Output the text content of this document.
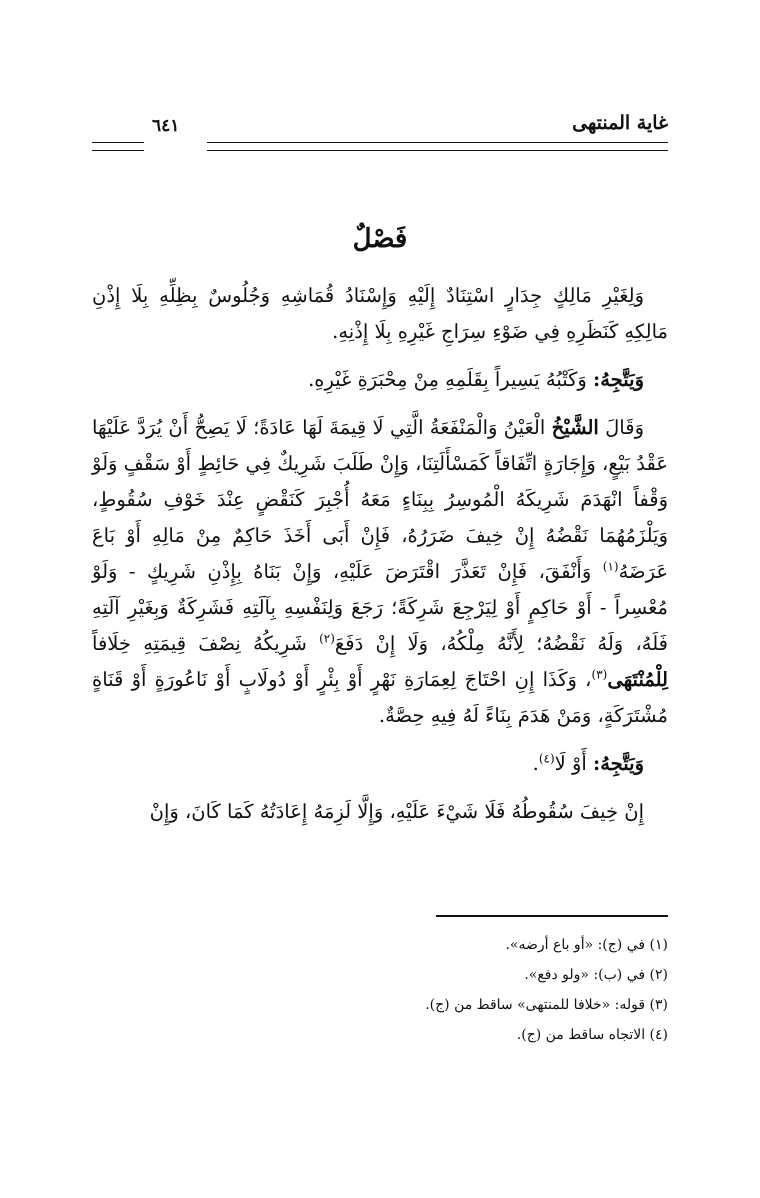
غاية المنتهى
٦٤١
فَصْلٌ

وَلِغَيْرِ مَالِكٍ جِدَارٍ اسْتِنَادٌ إِلَيْهِ وَإِسْنَادُ قُمَاشِهِ وَجُلُوسٌ بِظِلِّهِ بِلَا إِذْنِ مَالِكِهِ كَنَظَرِهِ فِي ضَوْءِ سِرَاجِ غَيْرِهِ بِلَا إِذْنِهِ.

وَيَتَّجِهُ: وَكَتْبُهُ يَسِيراً بِقَلَمِهِ مِنْ مِحْبَرَةِ غَيْرِهِ.

وَقَالَ الشَّيْخُ الْعَيْنُ وَالْمَنْفَعَةُ الَّتِي لَا قِيمَةَ لَهَا عَادَةً؛ لَا يَصِحُّ أَنْ يُرَدَّ عَلَيْهَا عَقْدُ بَيْعٍ، وَإِجَارَةٍ اتِّفَاقاً كَمَسْأَلَتِنَا، وَإِنْ طَلَبَ شَرِيكٌ فِي حَائِطٍ أَوْ سَقْفٍ وَلَوْ وَقْفاً انْهَدَمَ شَرِيكَهُ الْمُوسِرُ بِبِنَاءٍ مَعَهُ أُجْبِرَ كَنَقْضٍ عِنْدَ خَوْفِ سُقُوطٍ، وَيَلْزَمُهُمَا نَقْضُهُ إِنْ خِيفَ ضَرَرُهُ، فَإِنْ أَبَى أَخَذَ حَاكِمٌ مِنْ مَالِهِ أَوْ بَاعَ عَرَضَهُ$^{(١)}$ وَأَنْفَقَ، فَإِنْ تَعَذَّرَ اقْتَرَضَ عَلَيْهِ، وَإِنْ بَنَاهُ بِإِذْنِ شَرِيكٍ - وَلَوْ مُعْسِراً - أَوْ حَاكِمٍ أَوْ لِيَرْجِعَ شَرِكَةً؛ رَجَعَ وَلِنَفْسِهِ بِآلَتِهِ فَشَرِكَةٌ وَبِغَيْرِ آلَتِهِ فَلَهُ، وَلَهُ نَقْضُهُ؛ لِأَنَّهُ مِلْكُهُ، وَلَا إِنْ دَفَعَ$^{(٢)}$ شَرِيكُهُ نِصْفَ قِيمَتِهِ خِلَافاً لِلْمُنْتَهَى$^{(٣)}$، وَكَذَا إِنِ احْتَاجَ لِعِمَارَةِ نَهْرٍ أَوْ بِئْرٍ أَوْ دُولَابٍ أَوْ نَاعُورَةٍ أَوْ قَنَاةٍ مُشْتَرَكَةٍ، وَمَنْ هَدَمَ بِنَاءً لَهُ فِيهِ حِصَّةٌ.

وَيَتَّجِهُ: أَوْ لَا$^{(٤)}$.

إِنْ خِيفَ سُقُوطُهُ فَلَا شَيْءَ عَلَيْهِ، وَإِلَّا لَزِمَهُ إِعَادَتُهُ كَمَا كَانَ، وَإِنْ

(١) في (ج): «أو باع أرضه».
(٢) في (ب): «ولو دفع».
(٣) قوله: «خلافا للمنتهى» ساقط من (ج).
(٤) الاتجاه ساقط من (ج).
